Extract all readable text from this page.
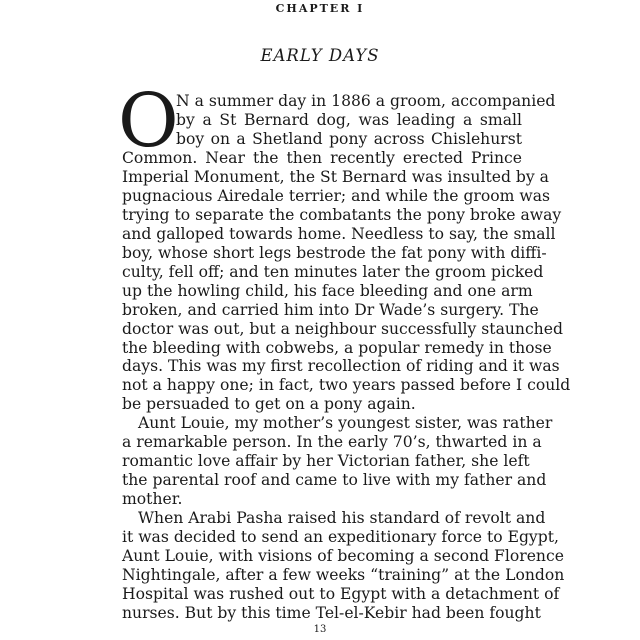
CHAPTER I
EARLY DAYS
O
N a summer day in 1886 a groom, accompanied
by a St Bernard dog, was leading a small
boy on a Shetland pony across Chislehurst
Common. Near the then recently erected Prince
Imperial Monument, the St Bernard was insulted by a
pugnacious Airedale terrier; and while the groom was
trying to separate the combatants the pony broke away
and galloped towards home. Needless to say, the small
boy, whose short legs bestrode the fat pony with diffi-
culty, fell off; and ten minutes later the groom picked
up the howling child, his face bleeding and one arm
broken, and carried him into Dr Wade’s surgery. The
doctor was out, but a neighbour successfully staunched
the bleeding with cobwebs, a popular remedy in those
days. This was my first recollection of riding and it was
not a happy one; in fact, two years passed before I could
be persuaded to get on a pony again.
Aunt Louie, my mother’s youngest sister, was rather
a remarkable person. In the early 70’s, thwarted in a
romantic love affair by her Victorian father, she left
the parental roof and came to live with my father and
mother.
When Arabi Pasha raised his standard of revolt and
it was decided to send an expeditionary force to Egypt,
Aunt Louie, with visions of becoming a second Florence
Nightingale, after a few weeks “training” at the London
Hospital was rushed out to Egypt with a detachment of
nurses. But by this time Tel-el-Kebir had been fought
13
